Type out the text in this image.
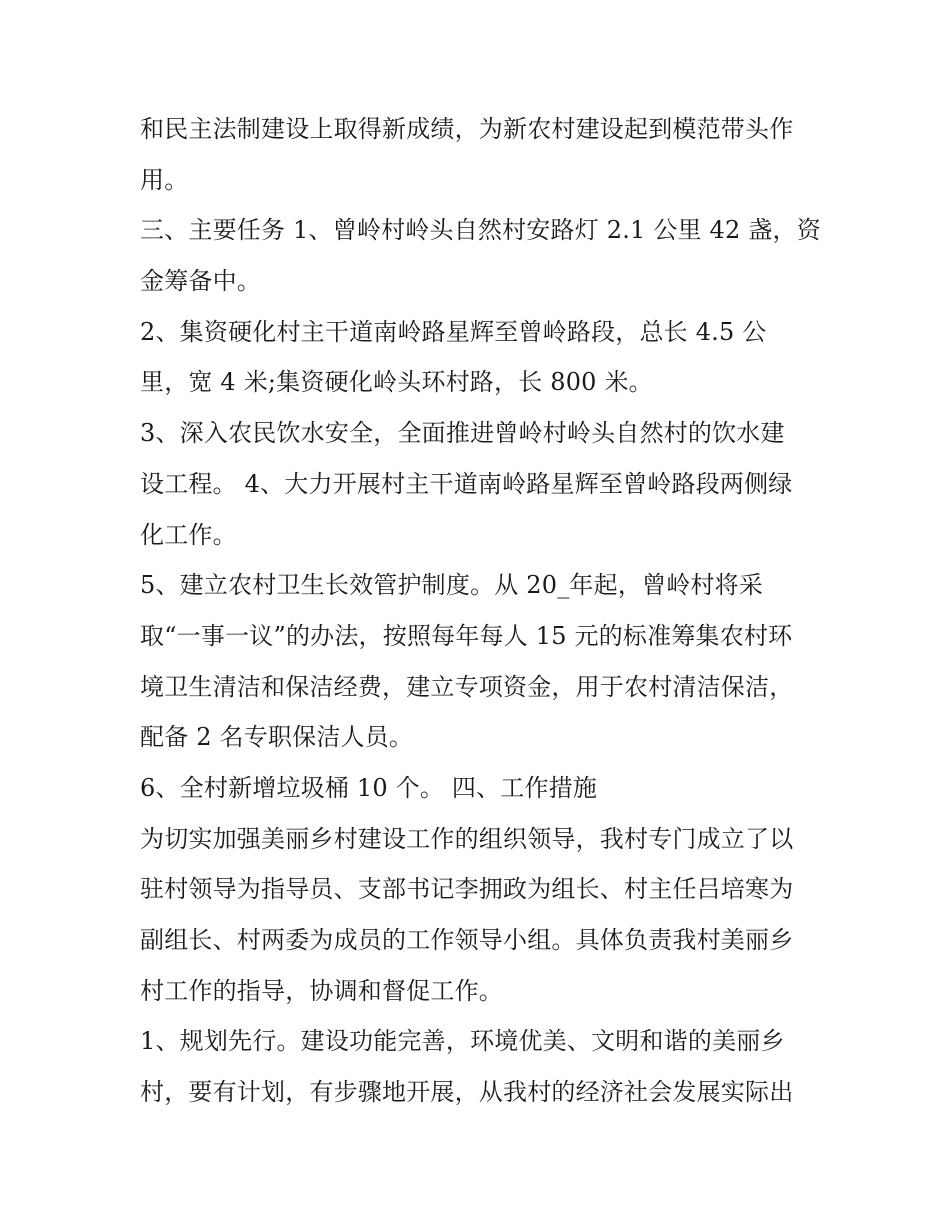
和民主法制建设上取得新成绩，为新农村建设起到模范带头作
用。
三、主要任务 1、曾岭村岭头自然村安路灯 2.1 公里 42 盏，资
金筹备中。
2、集资硬化村主干道南岭路星辉至曾岭路段，总长 4.5 公
里，宽 4 米;集资硬化岭头环村路，长 800 米。
3、深入农民饮水安全，全面推进曾岭村岭头自然村的饮水建
设工程。 4、大力开展村主干道南岭路星辉至曾岭路段两侧绿
化工作。
5、建立农村卫生长效管护制度。从 20_年起，曾岭村将采
取“一事一议”的办法，按照每年每人 15 元的标准筹集农村环
境卫生清洁和保洁经费，建立专项资金，用于农村清洁保洁，
配备 2 名专职保洁人员。
6、全村新增垃圾桶 10 个。 四、工作措施
为切实加强美丽乡村建设工作的组织领导，我村专门成立了以
驻村领导为指导员、支部书记李拥政为组长、村主任吕培寒为
副组长、村两委为成员的工作领导小组。具体负责我村美丽乡
村工作的指导，协调和督促工作。
1、规划先行。建设功能完善，环境优美、文明和谐的美丽乡
村，要有计划，有步骤地开展，从我村的经济社会发展实际出
